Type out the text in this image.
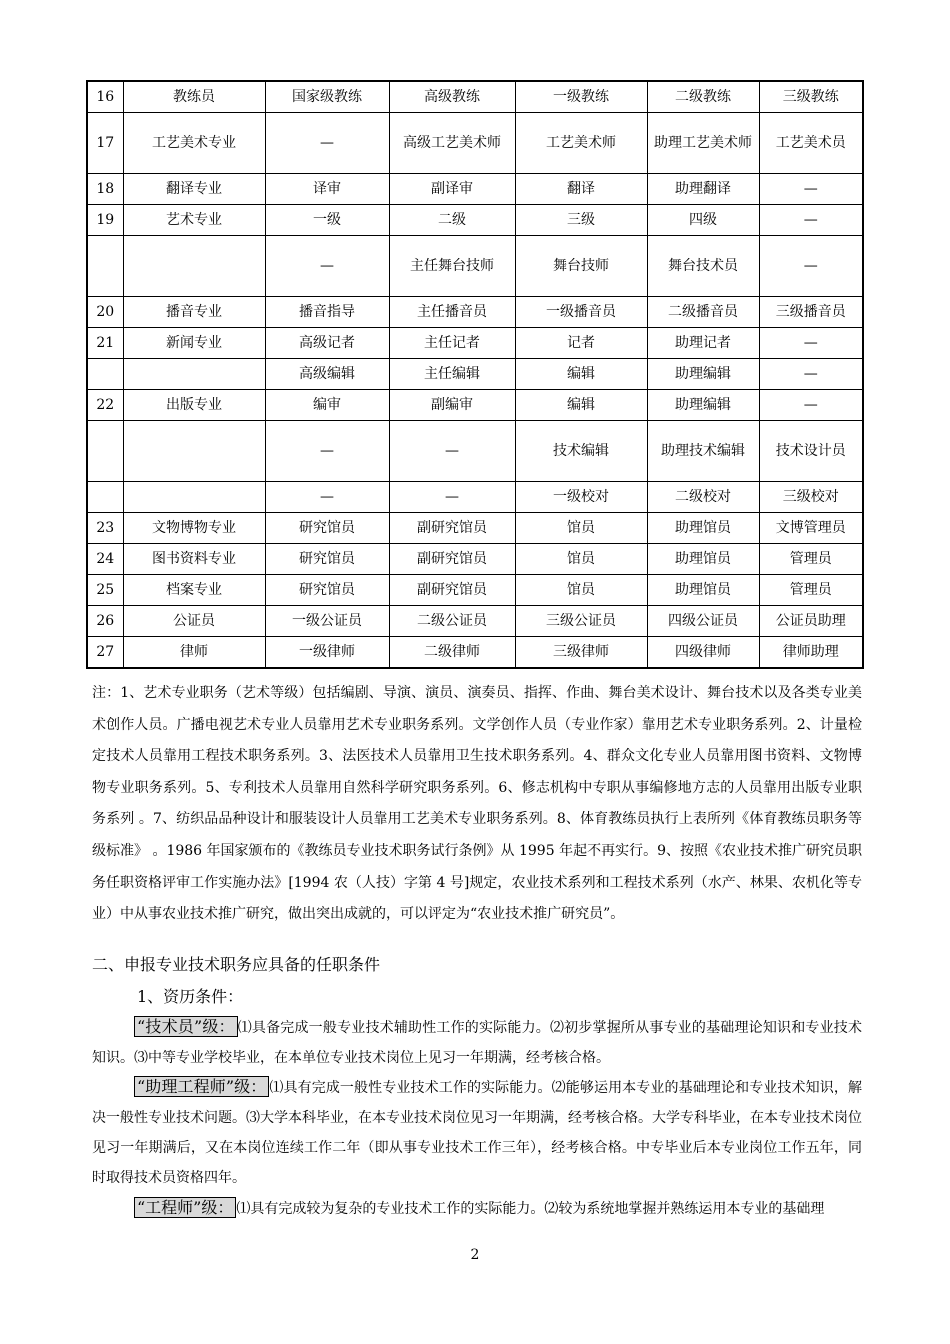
16	教练员	国家级教练	高级教练	一级教练	二级教练	三级教练
17	工艺美术专业	—	高级工艺美术师	工艺美术师	助理工艺美术师	工艺美术员
18	翻译专业	译审	副译审	翻译	助理翻译	—
19	艺术专业	一级	二级	三级	四级	—
		—	主任舞台技师	舞台技师	舞台技术员	—
20	播音专业	播音指导	主任播音员	一级播音员	二级播音员	三级播音员
21	新闻专业	高级记者	主任记者	记者	助理记者	—
		高级编辑	主任编辑	编辑	助理编辑	—
22	出版专业	编审	副编审	编辑	助理编辑	—
		—	—	技术编辑	助理技术编辑	技术设计员
		—	—	一级校对	二级校对	三级校对
23	文物博物专业	研究馆员	副研究馆员	馆员	助理馆员	文博管理员
24	图书资料专业	研究馆员	副研究馆员	馆员	助理馆员	管理员
25	档案专业	研究馆员	副研究馆员	馆员	助理馆员	管理员
26	公证员	一级公证员	二级公证员	三级公证员	四级公证员	公证员助理
27	律师	一级律师	二级律师	三级律师	四级律师	律师助理
注：1、艺术专业职务（艺术等级）包括编剧、导演、演员、演奏员、指挥、作曲、舞台美术设计、舞台技术以及各类专业美术创作人员。广播电视艺术专业人员靠用艺术专业职务系列。文学创作人员（专业作家）靠用艺术专业职务系列。2、计量检定技术人员靠用工程技术职务系列。3、法医技术人员靠用卫生技术职务系列。4、群众文化专业人员靠用图书资料、文物博物专业职务系列。5、专利技术人员靠用自然科学研究职务系列。6、修志机构中专职从事编修地方志的人员靠用出版专业职务系列 。7、纺织品品种设计和服装设计人员靠用工艺美术专业职务系列。8、体育教练员执行上表所列《体育教练员职务等级标准》 。1986 年国家颁布的《教练员专业技术职务试行条例》从 1995 年起不再实行。9、按照《农业技术推广研究员职务任职资格评审工作实施办法》[1994 农（人技）字第 4 号]规定，农业技术系列和工程技术系列（水产、林果、农机化等专业）中从事农业技术推广研究，做出突出成就的，可以评定为“农业技术推广研究员”。
二、申报专业技术职务应具备的任职条件
1、资历条件：
“技术员”级： ⑴具备完成一般专业技术辅助性工作的实际能力。⑵初步掌握所从事专业的基础理论知识和专业技术知识。⑶中等专业学校毕业，在本单位专业技术岗位上见习一年期满，经考核合格。
“助理工程师”级： ⑴具有完成一般性专业技术工作的实际能力。⑵能够运用本专业的基础理论和专业技术知识，解决一般性专业技术问题。⑶大学本科毕业，在本专业技术岗位见习一年期满，经考核合格。大学专科毕业，在本专业技术岗位见习一年期满后，又在本岗位连续工作二年（即从事专业技术工作三年），经考核合格。中专毕业后本专业岗位工作五年，同时取得技术员资格四年。
“工程师”级： ⑴具有完成较为复杂的专业技术工作的实际能力。⑵较为系统地掌握并熟练运用本专业的基础理
2
